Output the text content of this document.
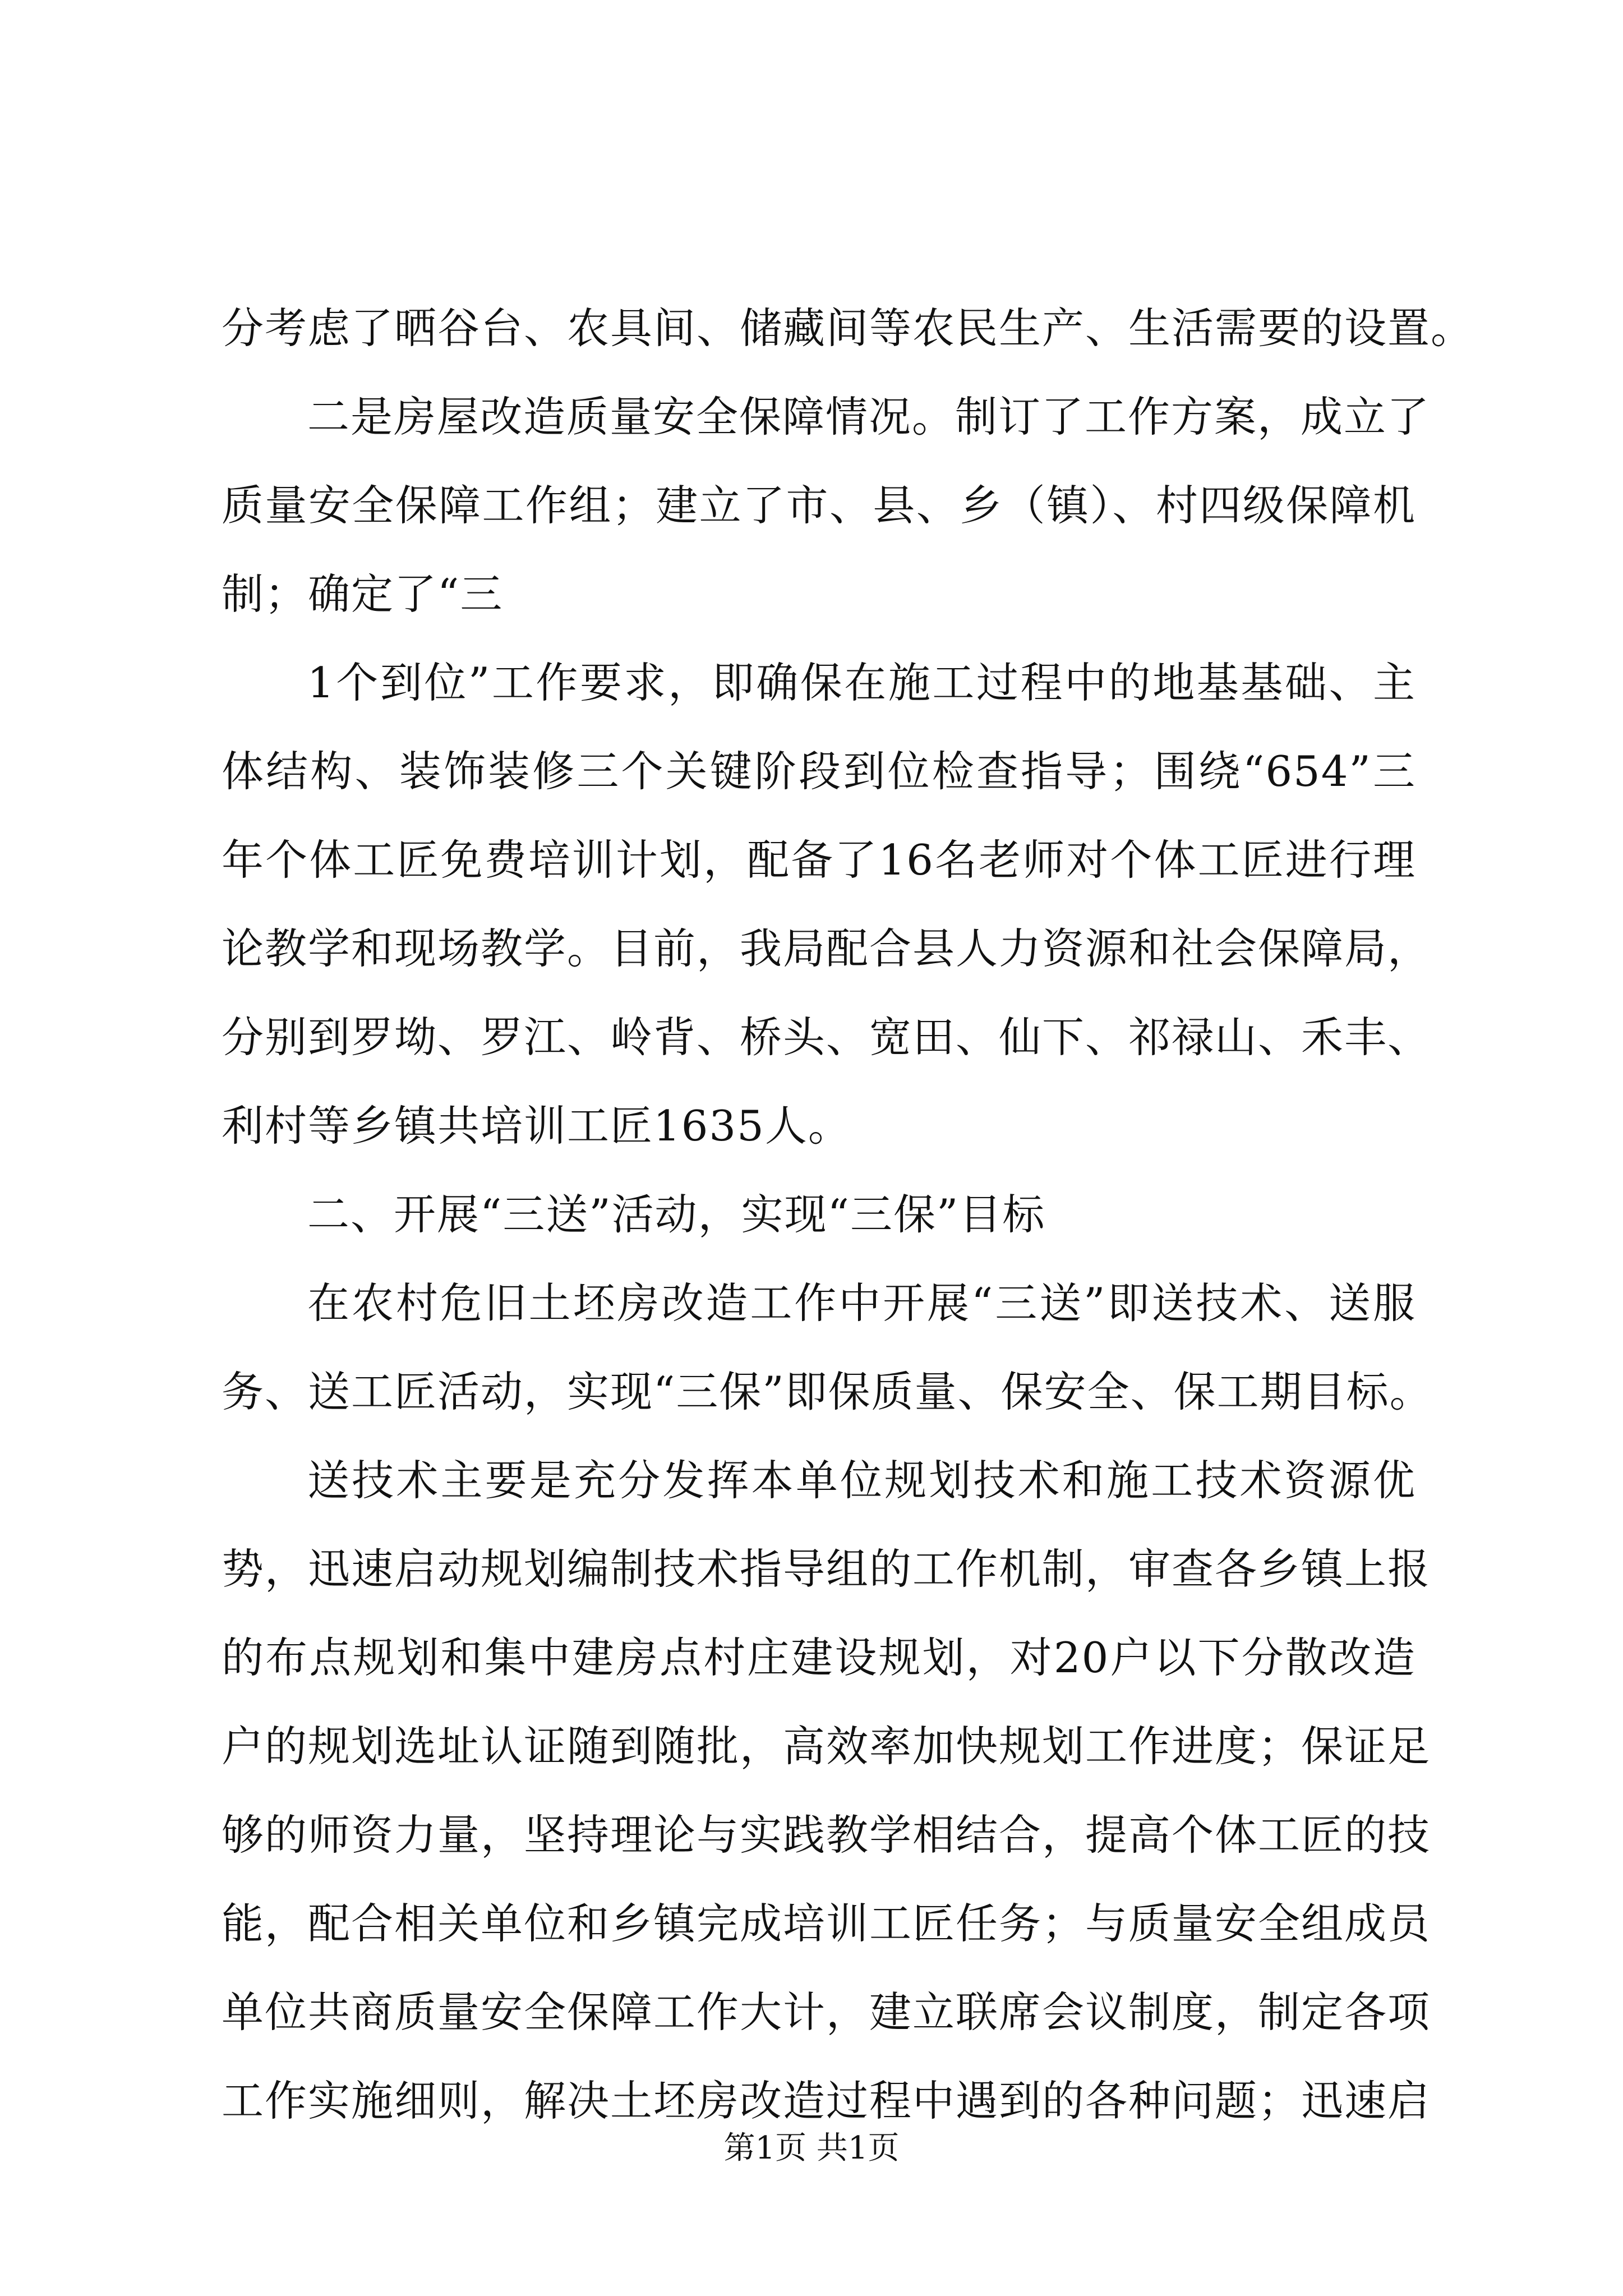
分考虑了晒谷台、农具间、储藏间等农民生产、生活需要的设置。
二是房屋改造质量安全保障情况。制订了工作方案，成立了
质量安全保障工作组；建立了市、县、乡（镇）、村四级保障机
制；确定了“三
1个到位”工作要求，即确保在施工过程中的地基基础、主
体结构、装饰装修三个关键阶段到位检查指导；围绕“654”三
年个体工匠免费培训计划，配备了16名老师对个体工匠进行理
论教学和现场教学。目前，我局配合县人力资源和社会保障局，
分别到罗坳、罗江、岭背、桥头、宽田、仙下、祁禄山、禾丰、
利村等乡镇共培训工匠1635人。
二、开展“三送”活动，实现“三保”目标
在农村危旧土坯房改造工作中开展“三送”即送技术、送服
务、送工匠活动，实现“三保”即保质量、保安全、保工期目标。
送技术主要是充分发挥本单位规划技术和施工技术资源优
势，迅速启动规划编制技术指导组的工作机制，审查各乡镇上报
的布点规划和集中建房点村庄建设规划，对20户以下分散改造
户的规划选址认证随到随批，高效率加快规划工作进度；保证足
够的师资力量，坚持理论与实践教学相结合，提高个体工匠的技
能，配合相关单位和乡镇完成培训工匠任务；与质量安全组成员
单位共商质量安全保障工作大计，建立联席会议制度，制定各项
工作实施细则，解决土坯房改造过程中遇到的各种问题；迅速启
第1页 共1页
